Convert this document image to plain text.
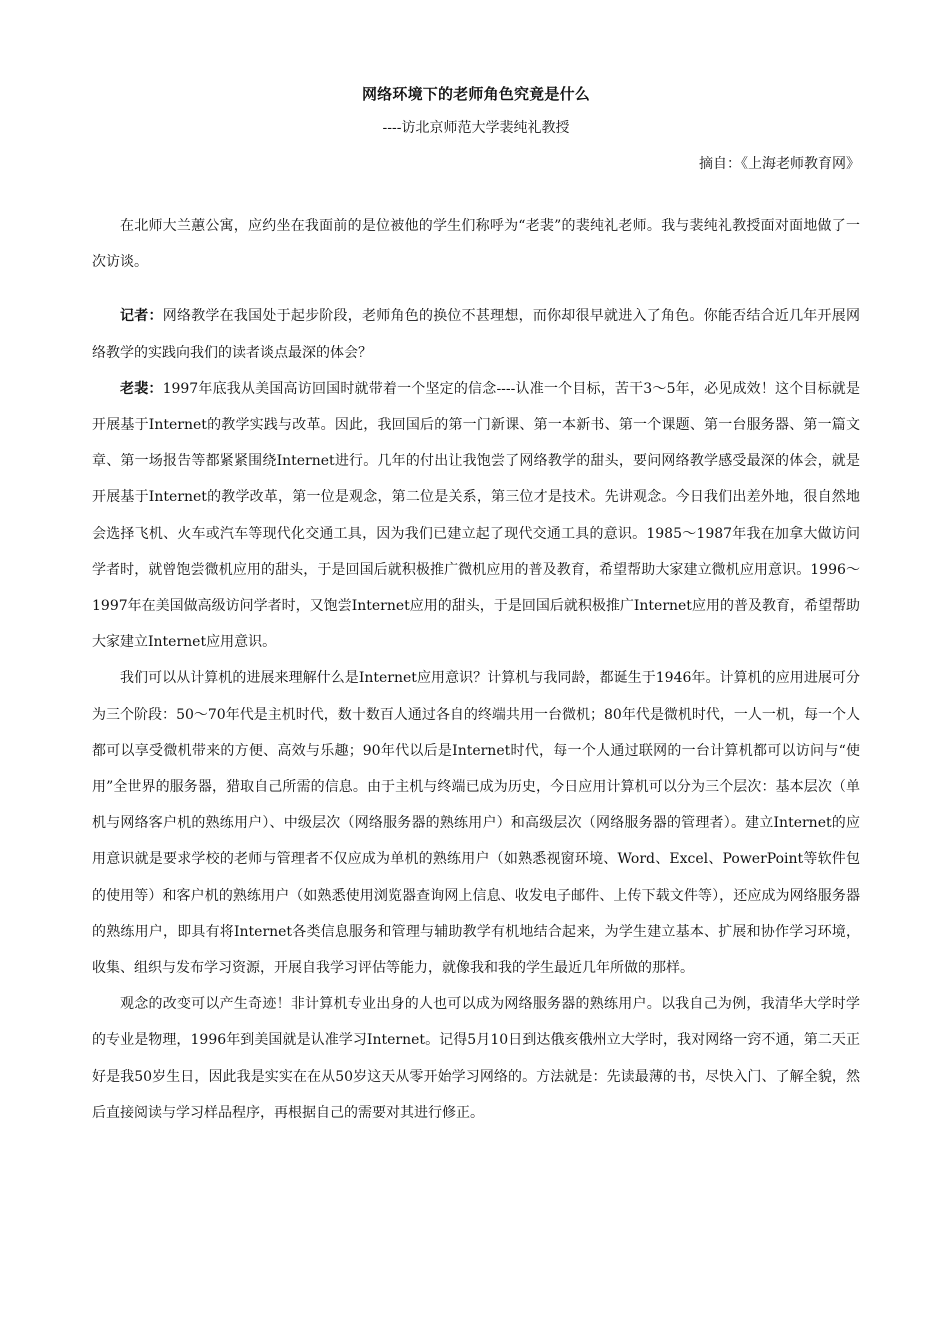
网络环境下的老师角色究竟是什么

----访北京师范大学裴纯礼教授

摘自：《上海老师教育网》

在北师大兰蕙公寓，应约坐在我面前的是位被他的学生们称呼为“老裴”的裴纯礼老师。我与裴纯礼教授面对面地做了一次访谈。

记者：网络教学在我国处于起步阶段，老师角色的换位不甚理想，而你却很早就进入了角色。你能否结合近几年开展网络教学的实践向我们的读者谈点最深的体会？

老裴：1997年底我从美国高访回国时就带着一个坚定的信念----认准一个目标，苦干3～5年，必见成效！这个目标就是开展基于Internet的教学实践与改革。因此，我回国后的第一门新课、第一本新书、第一个课题、第一台服务器、第一篇文章、第一场报告等都紧紧围绕Internet进行。几年的付出让我饱尝了网络教学的甜头，要问网络教学感受最深的体会，就是开展基于Internet的教学改革，第一位是观念，第二位是关系，第三位才是技术。先讲观念。今日我们出差外地，很自然地会选择飞机、火车或汽车等现代化交通工具，因为我们已建立起了现代交通工具的意识。1985～1987年我在加拿大做访问学者时，就曾饱尝微机应用的甜头，于是回国后就积极推广微机应用的普及教育，希望帮助大家建立微机应用意识。1996～1997年在美国做高级访问学者时，又饱尝Internet应用的甜头，于是回国后就积极推广Internet应用的普及教育，希望帮助大家建立Internet应用意识。

我们可以从计算机的进展来理解什么是Internet应用意识？计算机与我同龄，都诞生于1946年。计算机的应用进展可分为三个阶段：50～70年代是主机时代，数十数百人通过各自的终端共用一台微机；80年代是微机时代，一人一机，每一个人都可以享受微机带来的方便、高效与乐趣；90年代以后是Internet时代，每一个人通过联网的一台计算机都可以访问与“使用”全世界的服务器，猎取自己所需的信息。由于主机与终端已成为历史，今日应用计算机可以分为三个层次：基本层次（单机与网络客户机的熟练用户）、中级层次（网络服务器的熟练用户）和高级层次（网络服务器的管理者）。建立Internet的应用意识就是要求学校的老师与管理者不仅应成为单机的熟练用户（如熟悉视窗环境、Word、Excel、PowerPoint等软件包的使用等）和客户机的熟练用户（如熟悉使用浏览器查询网上信息、收发电子邮件、上传下载文件等），还应成为网络服务器的熟练用户，即具有将Internet各类信息服务和管理与辅助教学有机地结合起来，为学生建立基本、扩展和协作学习环境，收集、组织与发布学习资源，开展自我学习评估等能力，就像我和我的学生最近几年所做的那样。

观念的改变可以产生奇迹！非计算机专业出身的人也可以成为网络服务器的熟练用户。以我自己为例，我清华大学时学的专业是物理，1996年到美国就是认准学习Internet。记得5月10日到达俄亥俄州立大学时，我对网络一窍不通，第二天正好是我50岁生日，因此我是实实在在从50岁这天从零开始学习网络的。方法就是：先读最薄的书，尽快入门、了解全貌，然后直接阅读与学习样品程序，再根据自己的需要对其进行修正。
